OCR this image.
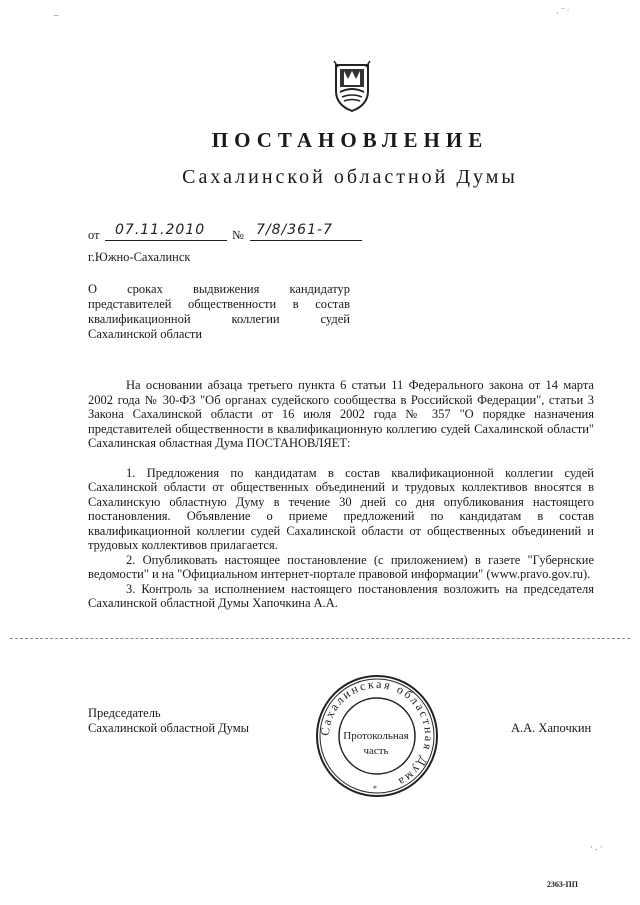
ПОСТАНОВЛЕНИЕ
Сахалинской областной Думы
от 07.11.2010 № 7/8/361-7
г.Южно-Сахалинск
О сроках выдвижения кандидатур
представителей общественности в состав
квалификационной коллегии судей
Сахалинской области

На основании абзаца третьего пункта 6 статьи 11 Федерального закона от 14 марта 2002 года № 30-ФЗ "Об органах судейского сообщества в Российской Федерации", статьи 3 Закона Сахалинской области от 16 июля 2002 года № 357 "О порядке назначения представителей общественности в квалификационную коллегию судей Сахалинской области" Сахалинская областная Дума ПОСТАНОВЛЯЕТ:

1. Предложения по кандидатам в состав квалификационной коллегии судей Сахалинской области от общественных объединений и трудовых коллективов вносятся в Сахалинскую областную Думу в течение 30 дней со дня опубликования настоящего постановления. Объявление о приеме предложений по кандидатам в состав квалификационной коллегии судей Сахалинской области от общественных объединений и трудовых коллективов прилагается.

2. Опубликовать настоящее постановление (с приложением) в газете "Губернские ведомости" и на "Официальном интернет-портале правовой информации" (www.pravo.gov.ru).

3. Контроль за исполнением настоящего постановления возложить на председателя Сахалинской областной Думы Хапочкина А.А.

Председатель
Сахалинской областной Думы	А.А. Хапочкин
Сахалинская областная Дума
Протокольная
часть
*
· ‾ ˙
–
· . ·
2363-ПП
